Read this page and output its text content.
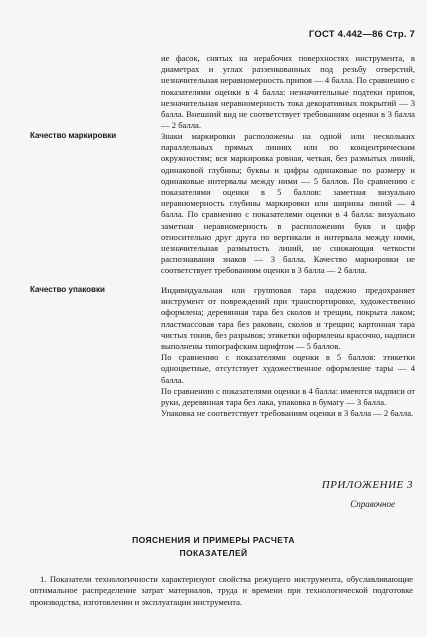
ГОСТ 4.442—86 Стр. 7

ие фасок, снятых на нерабочих поверхностях инструмента, в диаметрах и углах раззенкованных под резьбу отверстий, незначительная неравномерность припоя — 4 балла. По сравнению с показателями оценки в 4 балла: незначительные подтеки припоя, незначительная неравномерность тока декоративных покрытий — 3 балла. Внешний вид не соответствует требованиям оценки в 3 балла — 2 балла.

Качество маркировки	Знаки маркировки расположены на одной или нескольких параллельных прямых линиях или по концентрическим окружностям; вся маркировка ровная, четкая, без размытых линий, одинаковой глубины; буквы и цифры одинаковые по размеру и одинаковые интервалы между ними — 5 баллов. По сравнению с показателями оценки в 5 баллов: заметная визуально неравномерность глубины маркировки или ширины линий — 4 балла. По сравнению с показателями оценки в 4 балла: визуально заметная неравномерность в расположении букв и цифр относительно друг друга по вертикали и интервала между ними, незначительная размытость линий, не снижающая четкости распознавания знаков — 3 балла. Качество маркировки не соответствует требованиям оценки в 3 балла — 2 балла.

Качество упаковки	Индивидуальная или групповая тара надежно предохраняет инструмент от повреждений при транспортировке, художественно оформлена; деревянная тара без сколов и трещин, покрыта лаком; пластмассовая тара без раковин, сколов и трещин; картонная тара чистых тонов, без разрывов; этикетки оформлены красочно, надписи выполнены типографским шрифтом — 5 баллов.

По сравнению с показателями оценки в 5 баллов: этикетки одноцветные, отсутствует художественное оформление тары — 4 балла.

По сравнению с показателями оценки в 4 балла: имеются надписи от руки, деревянная тара без лака, упаковка в бумагу — 3 балла.

Упаковка не соответствует требованиям оценки в 3 балла — 2 балла.

ПРИЛОЖЕНИЕ 3
Справочное
ПОЯСНЕНИЯ И ПРИМЕРЫ РАСЧЕТА
ПОКАЗАТЕЛЕЙ
1. Показатели технологичности характеризуют свойства режущего инструмента, обуславливающие оптимальное распределение затрат материалов, труда и времени при технологической подготовке производства, изготовлении и эксплуатации инструмента.
